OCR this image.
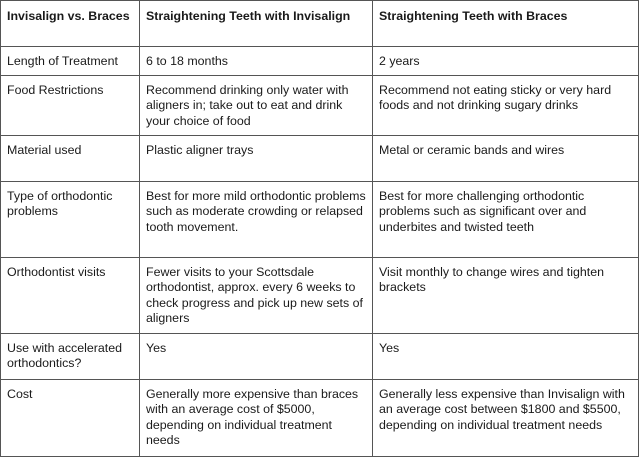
Invisalign vs. Braces	Straightening Teeth with Invisalign	Straightening Teeth with Braces
Length of Treatment	6 to 18 months	2 years
Food Restrictions	Recommend drinking only water with aligners in; take out to eat and drink your choice of food	Recommend not eating sticky or very hard foods and not drinking sugary drinks
Material used	Plastic aligner trays	Metal or ceramic bands and wires
Type of orthodontic problems	Best for more mild orthodontic problems such as moderate crowding or relapsed tooth movement.	Best for more challenging orthodontic problems such as significant over and underbites and twisted teeth
Orthodontist visits	Fewer visits to your Scottsdale orthodontist, approx. every 6 weeks to check progress and pick up new sets of aligners	Visit monthly to change wires and tighten brackets
Use with accelerated orthodontics?	Yes	Yes
Cost	Generally more expensive than braces with an average cost of $5000, depending on individual treatment needs	Generally less expensive than Invisalign with an average cost between $1800 and $5500, depending on individual treatment needs
